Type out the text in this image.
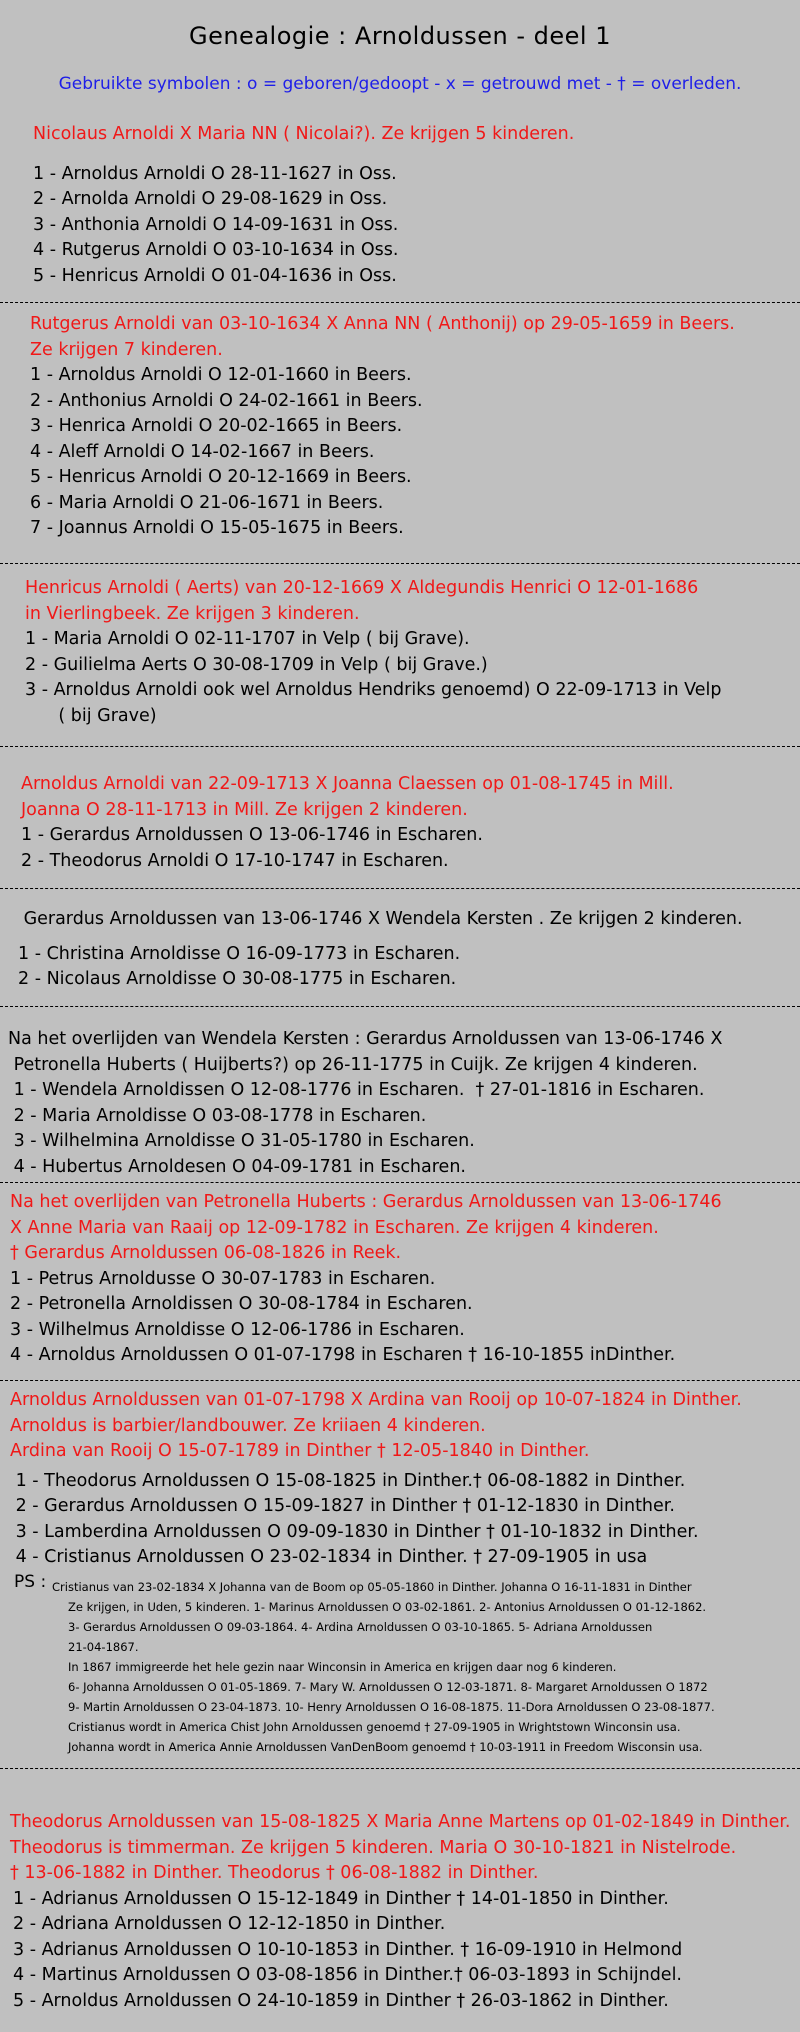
Genealogie : Arnoldussen - deel 1
Gebruikte symbolen : o = geboren/gedoopt - x = getrouwd met - † = overleden.
Nicolaus Arnoldi X Maria NN ( Nicolai?). Ze krijgen 5 kinderen.
1 - Arnoldus Arnoldi O 28-11-1627 in Oss.
2 - Arnolda Arnoldi O 29-08-1629 in Oss.
3 - Anthonia Arnoldi O 14-09-1631 in Oss.
4 - Rutgerus Arnoldi O 03-10-1634 in Oss.
5 - Henricus Arnoldi O 01-04-1636 in Oss.
Rutgerus Arnoldi van 03-10-1634 X Anna NN ( Anthonij) op 29-05-1659 in Beers.
Ze krijgen 7 kinderen.
1 - Arnoldus Arnoldi O 12-01-1660 in Beers.
2 - Anthonius Arnoldi O 24-02-1661 in Beers.
3 - Henrica Arnoldi O 20-02-1665 in Beers.
4 - Aleff Arnoldi O 14-02-1667 in Beers.
5 - Henricus Arnoldi O 20-12-1669 in Beers.
6 - Maria Arnoldi O 21-06-1671 in Beers.
7 - Joannus Arnoldi O 15-05-1675 in Beers.
Henricus Arnoldi ( Aerts) van 20-12-1669 X Aldegundis Henrici O 12-01-1686
in Vierlingbeek. Ze krijgen 3 kinderen.
1 - Maria Arnoldi O 02-11-1707 in Velp ( bij Grave).
2 - Guilielma Aerts O 30-08-1709 in Velp ( bij Grave.)
3 - Arnoldus Arnoldi ook wel Arnoldus Hendriks genoemd) O 22-09-1713 in Velp
( bij Grave)
Arnoldus Arnoldi van 22-09-1713 X Joanna Claessen op 01-08-1745 in Mill.
Joanna O 28-11-1713 in Mill. Ze krijgen 2 kinderen.
1 - Gerardus Arnoldussen O 13-06-1746 in Escharen.
2 - Theodorus Arnoldi O 17-10-1747 in Escharen.
Gerardus Arnoldussen van 13-06-1746 X Wendela Kersten . Ze krijgen 2 kinderen.
1 - Christina Arnoldisse O 16-09-1773 in Escharen.
2 - Nicolaus Arnoldisse O 30-08-1775 in Escharen.
Na het overlijden van Wendela Kersten : Gerardus Arnoldussen van 13-06-1746 X
Petronella Huberts ( Huijberts?) op 26-11-1775 in Cuijk. Ze krijgen 4 kinderen.
1 - Wendela Arnoldissen O 12-08-1776 in Escharen.  † 27-01-1816 in Escharen.
2 - Maria Arnoldisse O 03-08-1778 in Escharen.
3 - Wilhelmina Arnoldisse O 31-05-1780 in Escharen.
4 - Hubertus Arnoldesen O 04-09-1781 in Escharen.
Na het overlijden van Petronella Huberts : Gerardus Arnoldussen van 13-06-1746
X Anne Maria van Raaij op 12-09-1782 in Escharen. Ze krijgen 4 kinderen.
† Gerardus Arnoldussen 06-08-1826 in Reek.
1 - Petrus Arnoldusse O 30-07-1783 in Escharen.
2 - Petronella Arnoldissen O 30-08-1784 in Escharen.
3 - Wilhelmus Arnoldisse O 12-06-1786 in Escharen.
4 - Arnoldus Arnoldussen O 01-07-1798 in Escharen † 16-10-1855 inDinther.
Arnoldus Arnoldussen van 01-07-1798 X Ardina van Rooij op 10-07-1824 in Dinther.
Arnoldus is barbier/landbouwer. Ze kriiaen 4 kinderen.
Ardina van Rooij O 15-07-1789 in Dinther † 12-05-1840 in Dinther.
1 - Theodorus Arnoldussen O 15-08-1825 in Dinther.† 06-08-1882 in Dinther.
2 - Gerardus Arnoldussen O 15-09-1827 in Dinther † 01-12-1830 in Dinther.
3 - Lamberdina Arnoldussen O 09-09-1830 in Dinther † 01-10-1832 in Dinther.
4 - Cristianus Arnoldussen O 23-02-1834 in Dinther. † 27-09-1905 in usa
PS : Cristianus van 23-02-1834 X Johanna van de Boom op 05-05-1860 in Dinther. Johanna O 16-11-1831 in Dinther
Ze krijgen, in Uden, 5 kinderen. 1- Marinus Arnoldussen O 03-02-1861. 2- Antonius Arnoldussen O 01-12-1862.
3- Gerardus Arnoldussen O 09-03-1864. 4- Ardina Arnoldussen O 03-10-1865. 5- Adriana Arnoldussen
21-04-1867.
In 1867 immigreerde het hele gezin naar Winconsin in America en krijgen daar nog 6 kinderen.
6- Johanna Arnoldussen O 01-05-1869. 7- Mary W. Arnoldussen O 12-03-1871. 8- Margaret Arnoldussen O 1872
9- Martin Arnoldussen O 23-04-1873. 10- Henry Arnoldussen O 16-08-1875. 11-Dora Arnoldussen O 23-08-1877.
Cristianus wordt in America Chist John Arnoldussen genoemd † 27-09-1905 in Wrightstown Winconsin usa.
Johanna wordt in America Annie Arnoldussen VanDenBoom genoemd † 10-03-1911 in Freedom Wisconsin usa.
Theodorus Arnoldussen van 15-08-1825 X Maria Anne Martens op 01-02-1849 in Dinther.
Theodorus is timmerman. Ze krijgen 5 kinderen. Maria O 30-10-1821 in Nistelrode.
† 13-06-1882 in Dinther. Theodorus † 06-08-1882 in Dinther.
1 - Adrianus Arnoldussen O 15-12-1849 in Dinther † 14-01-1850 in Dinther.
2 - Adriana Arnoldussen O 12-12-1850 in Dinther.
3 - Adrianus Arnoldussen O 10-10-1853 in Dinther. † 16-09-1910 in Helmond
4 - Martinus Arnoldussen O 03-08-1856 in Dinther.† 06-03-1893 in Schijndel.
5 - Arnoldus Arnoldussen O 24-10-1859 in Dinther † 26-03-1862 in Dinther.
